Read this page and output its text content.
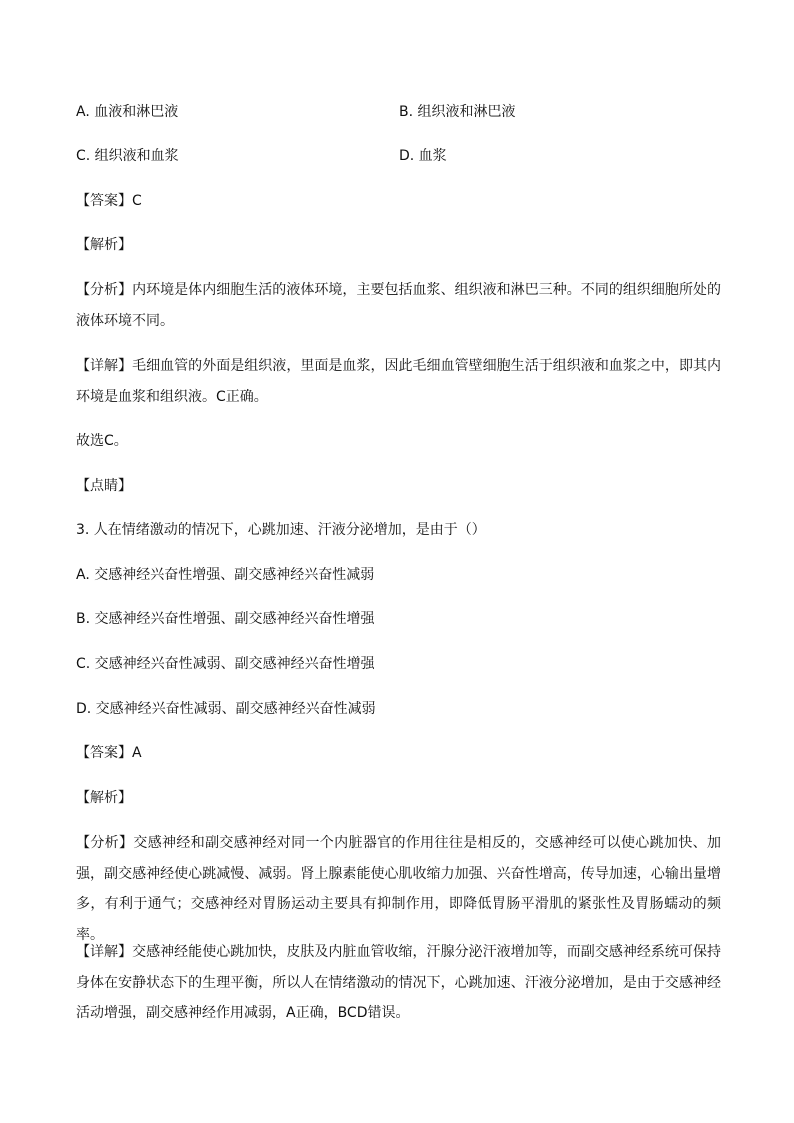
A. 血液和淋巴液	B. 组织液和淋巴液
C. 组织液和血浆	D. 血浆
【答案】C
【解析】
【分析】内环境是体内细胞生活的液体环境，主要包括血浆、组织液和淋巴三种。不同的组织细胞所处的液体环境不同。
【详解】毛细血管的外面是组织液，里面是血浆，因此毛细血管壁细胞生活于组织液和血浆之中，即其内环境是血浆和组织液。C正确。
故选C。
【点睛】
3. 人在情绪激动的情况下，心跳加速、汗液分泌增加，是由于（）
A. 交感神经兴奋性增强、副交感神经兴奋性减弱
B. 交感神经兴奋性增强、副交感神经兴奋性增强
C. 交感神经兴奋性减弱、副交感神经兴奋性增强
D. 交感神经兴奋性减弱、副交感神经兴奋性减弱
【答案】A
【解析】
【分析】交感神经和副交感神经对同一个内脏器官的作用往往是相反的，交感神经可以使心跳加快、加强，副交感神经使心跳减慢、减弱。肾上腺素能使心肌收缩力加强、兴奋性增高，传导加速，心输出量增多，有利于通气；交感神经对胃肠运动主要具有抑制作用，即降低胃肠平滑肌的紧张性及胃肠蠕动的频率。
【详解】交感神经能使心跳加快，皮肤及内脏血管收缩，汗腺分泌汗液增加等，而副交感神经系统可保持身体在安静状态下的生理平衡，所以人在情绪激动的情况下，心跳加速、汗液分泌增加，是由于交感神经活动增强，副交感神经作用减弱，A正确，BCD错误。
